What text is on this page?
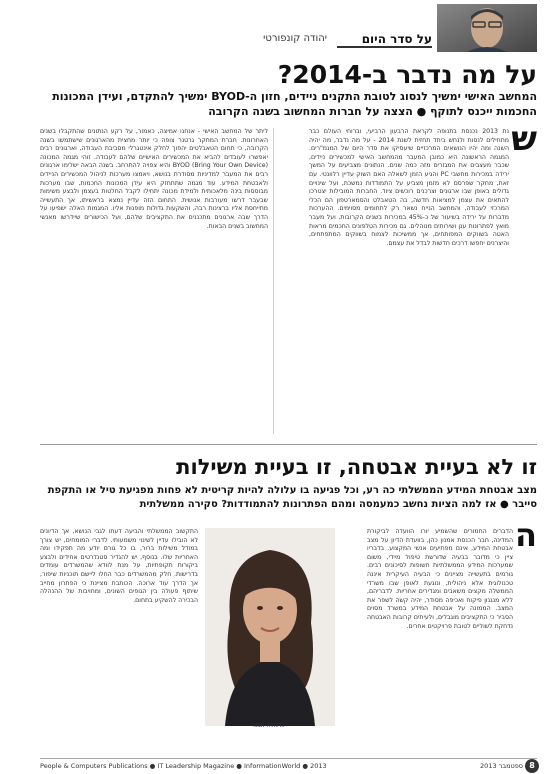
על סדר היום
יהודה קונפורטי
על מה נדבר ב-2014?
המחשב האישי ימשיך לנסוג לטובת התקנים ניידים, חזון ה-BYOD ימשיך להתקדם, ועידן המכונות החכמות ייכנס לתוקף ● הצצה על חברות המחשוב בשנה הקרובה
ש
נת 2013 נכנסת בתנופה לקראת הרבעון הרביעי, וברוחי העולם כבר מתחילים לנסות ולנחש ביחד תחזית לשנת 2014 - על מה נדבר, מה יהיה השנה ומה יהיו הנושאים המרכזיים שיעסיקו את סדר היום של המנמ"רים. המגמה הראשונה היא כמובן המעבר מהמחשב האישי למכשירים ניידים, שכבר מעצבים את המגזרים מזה כמה שנים. הנתונים מצביעים על המשך ירידה במכירות מחשבי PC והגיע הזמן לשאלה האם השוק עדיין רלוונטי. עם זאת, מחקר שפרסם לא מזמן מצביע על התמודדות נמשכת, ועל שינויים גדולים באופן שבו ארגונים וצרכנים רוכשים ציוד. החברות המובילות יצטרכו להתאים את עצמן למציאות חדשה, בה הטאבלט והסמארטפון הם הכלי המרכזי לעבודה, והמחשב הנייח נשאר רק לתחומים מסוימים. ההערכות מדברות על ירידה בשיעור של כ-45% במכירות בשנים הקרובות, ועל מעבר מואץ לפתרונות ענן ושירותים מנוהלים. גם מכירות הטלפונים החכמים מראות האטה בשווקים המפותחים, אך ממשיכות לצמוח בשווקים המתפתחים, והיצרנים יחפשו דרכים חדשות לבדל את עצמם.
ליתר של המחשב האישי - אנחנו אמיצה, כאמור, על רקע הנתונים שהתקבלו בשנים האחרונות. חברת המחקר גרטנר צופה כי יותר מחצית מהארגונים שישתמשו בשנה הקרובה, כי תחום הטאבלטים יהפוך לחלק אינטגרלי מסביבת העבודה, וארגונים רבים יאפשרו לעובדים להביא את המכשירים האישיים שלהם לעבודה. זוהי מגמה המכונה BYOD (Bring Your Own Device) והיא צפויה להתרחב. בשנה הבאה ישלימו ארגונים רבים את המעבר למדיניות מסודרת בנושא, ויאמצו מערכות לניהול המכשירים הניידים ולאבטחת המידע. עוד מגמה שתתחזק היא עידן המכונות החכמות, שבו מערכות מבוססות בינה מלאכותית ולמידת מכונה יתחילו לקבל החלטות בעצמן ולבצע משימות שבעבר דרשו מעורבות אנושית. התחום הזה עדיין נמצא בראשיתו, אך התעשייה מתייחסת אליו ברצינות רבה, והשקעות גדולות מופנות אליו. המגמות האלה ישפיעו על הדרך שבה ארגונים מתכננים את התקציבים שלהם, ועל הכישורים שיידרשו מאנשי המחשוב בשנים הבאות.
זו לא בעיית אבטחה, זו בעיית משילות
מצב אבטחת המידע הממשלתי כה רע, וכל פגיעה בו עלולה להיות קריטית לא פחות מפגיעת טיל או התקפת סייבר ● אז למה הציות נחשב כמעמסה ומהם הפתרונות להתמודדות? סקירה ממשלתית
ה
הדברים החמורים שהשמיע יורו הוועדה לביקורת המדינה, חבר הכנסת אמנון כהן, בוועדת הדיון על מצב אבטחת המידע, אינם מפתיעים אנשי המקצוע. בדבריו ציין כי מדובר בבעיה שדורשת טיפול מיידי, משום שמערכות המידע הממשלתיות חשופות לסיכונים רבים. גורמים בתעשייה מציינים כי הבעיה העיקרית איננה טכנולוגית אלא ניהולית, ונוגעת לאופן שבו משרדי הממשלה מקצים משאבים ומגדירים אחריות. לדבריהם, ללא מנגנון פיקוח ואכיפה מסודר, יהיה קשה לשפר את המצב. הממונה על אבטחת המידע במשרד מסוים הסביר כי התקציבים מוגבלים, ולעיתים קרובות האבטחה נדחקת לשוליים לטובת פרויקטים אחרים.
כרמלה אבנר
התקשוב הממשלתי והביעה דעתו לגבי הנושא, אך הדיונים לא הובילו עדיין לשינוי משמעותי. לדברי המומחים, יש צורך במודל משילות ברור, בו כל גורם יודע מה תפקידו ומה האחריות שלו. בנוסף, יש להגדיר סטנדרטים אחידים ולבצע ביקורות תקופתיות, על מנת לוודא שהמשרדים עומדים בדרישות. חלק מהמשרדים כבר החלו ליישם תוכניות שיפור, אך הדרך עוד ארוכה. הכותבת מציינת כי הפתרון מחייב שיתוף פעולה בין הגופים השונים, ומחויבות של ההנהלה הבכירה להשקיע בתחום.
People & Computers Publications ● IT Leadership Magazine ● InformationWorld ● 2013	ספטמבר 2013 8
